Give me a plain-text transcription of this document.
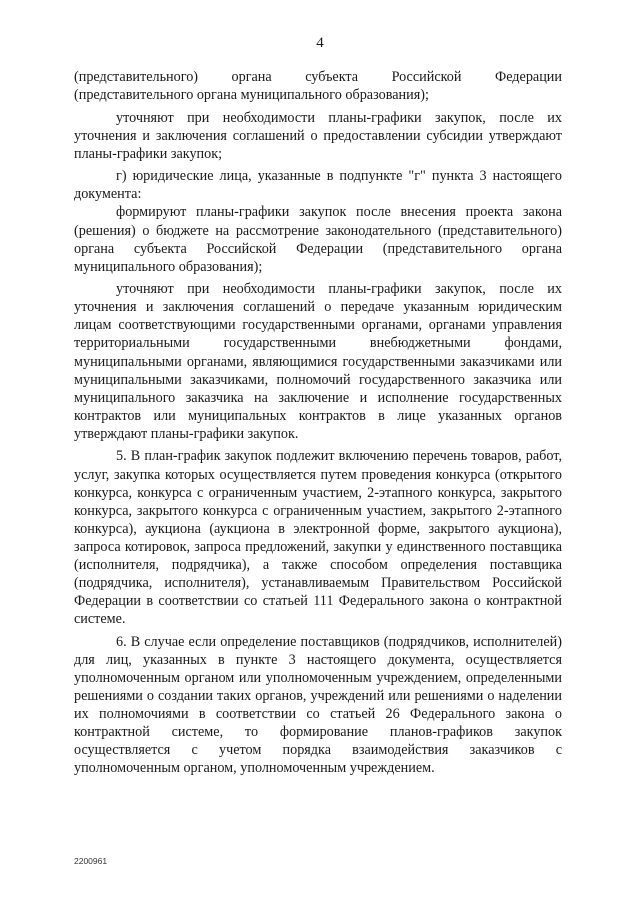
4

(представительного) органа субъекта Российской Федерации (представительного органа муниципального образования);

уточняют при необходимости планы-графики закупок, после их уточнения и заключения соглашений о предоставлении субсидии утверждают планы-графики закупок;

г) юридические лица, указанные в подпункте "г" пункта 3 настоящего документа:

формируют планы-графики закупок после внесения проекта закона (решения) о бюджете на рассмотрение законодательного (представительного) органа субъекта Российской Федерации (представительного органа муниципального образования);

уточняют при необходимости планы-графики закупок, после их уточнения и заключения соглашений о передаче указанным юридическим лицам соответствующими государственными органами, органами управления территориальными государственными внебюджетными фондами, муниципальными органами, являющимися государственными заказчиками или муниципальными заказчиками, полномочий государственного заказчика или муниципального заказчика на заключение и исполнение государственных контрактов или муниципальных контрактов в лице указанных органов утверждают планы-графики закупок.

5. В план-график закупок подлежит включению перечень товаров, работ, услуг, закупка которых осуществляется путем проведения конкурса (открытого конкурса, конкурса с ограниченным участием, 2-этапного конкурса, закрытого конкурса, закрытого конкурса с ограниченным участием, закрытого 2-этапного конкурса), аукциона (аукциона в электронной форме, закрытого аукциона), запроса котировок, запроса предложений, закупки у единственного поставщика (исполнителя, подрядчика), а также способом определения поставщика (подрядчика, исполнителя), устанавливаемым Правительством Российской Федерации в соответствии со статьей 111 Федерального закона о контрактной системе.

6. В случае если определение поставщиков (подрядчиков, исполнителей) для лиц, указанных в пункте 3 настоящего документа, осуществляется уполномоченным органом или уполномоченным учреждением, определенными решениями о создании таких органов, учреждений или решениями о наделении их полномочиями в соответствии со статьей 26 Федерального закона о контрактной системе, то формирование планов-графиков закупок осуществляется с учетом порядка взаимодействия заказчиков с уполномоченным органом, уполномоченным учреждением.

2200961
